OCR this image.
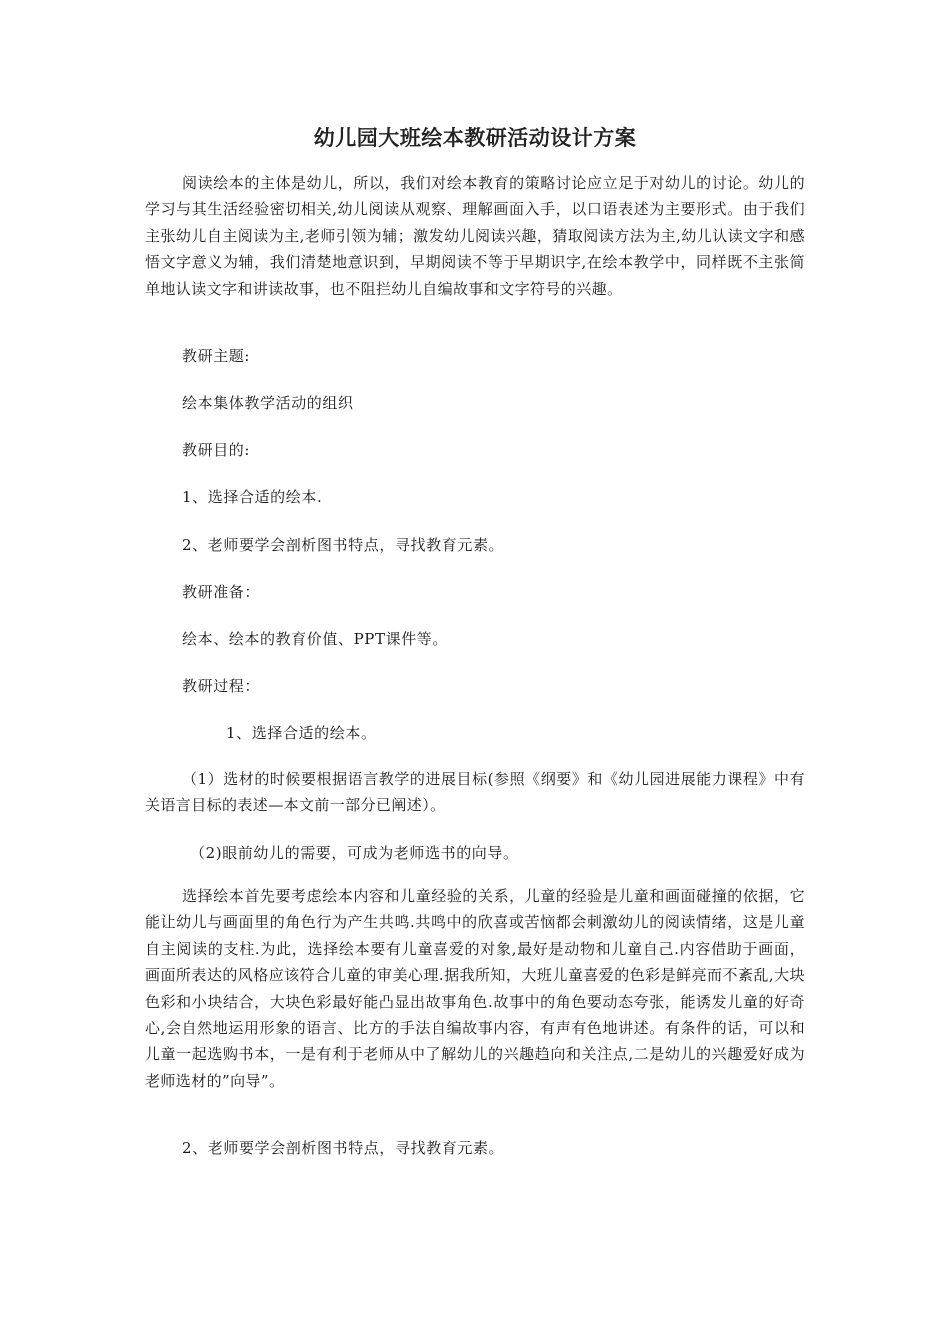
幼儿园大班绘本教研活动设计方案

阅读绘本的主体是幼儿，所以，我们对绘本教育的策略讨论应立足于对幼儿的讨论。幼儿的学习与其生活经验密切相关,幼儿阅读从观察、理解画面入手，以口语表述为主要形式。由于我们主张幼儿自主阅读为主,老师引领为辅；激发幼儿阅读兴趣，猜取阅读方法为主,幼儿认读文字和感悟文字意义为辅，我们清楚地意识到，早期阅读不等于早期识字,在绘本教学中，同样既不主张简单地认读文字和讲读故事，也不阻拦幼儿自编故事和文字符号的兴趣。

教研主题:

绘本集体教学活动的组织

教研目的:

1、选择合适的绘本.

2、老师要学会剖析图书特点，寻找教育元素。

教研准备：

绘本、绘本的教育价值、PPT课件等。

教研过程：

1、选择合适的绘本。

（1）选材的时候要根据语言教学的进展目标(参照《纲要》和《幼儿园进展能力课程》中有关语言目标的表述—本文前一部分已阐述）。

（2)眼前幼儿的需要，可成为老师选书的向导。

选择绘本首先要考虑绘本内容和儿童经验的关系，儿童的经验是儿童和画面碰撞的依据，它能让幼儿与画面里的角色行为产生共鸣.共鸣中的欣喜或苦恼都会刺激幼儿的阅读情绪，这是儿童自主阅读的支柱.为此，选择绘本要有儿童喜爱的对象,最好是动物和儿童自己.内容借助于画面，画面所表达的风格应该符合儿童的审美心理.据我所知，大班儿童喜爱的色彩是鲜亮而不紊乱,大块色彩和小块结合，大块色彩最好能凸显出故事角色.故事中的角色要动态夸张，能诱发儿童的好奇心,会自然地运用形象的语言、比方的手法自编故事内容，有声有色地讲述。有条件的话，可以和儿童一起选购书本，一是有利于老师从中了解幼儿的兴趣趋向和关注点,二是幼儿的兴趣爱好成为老师选材的”向导”。

2、老师要学会剖析图书特点，寻找教育元素。
